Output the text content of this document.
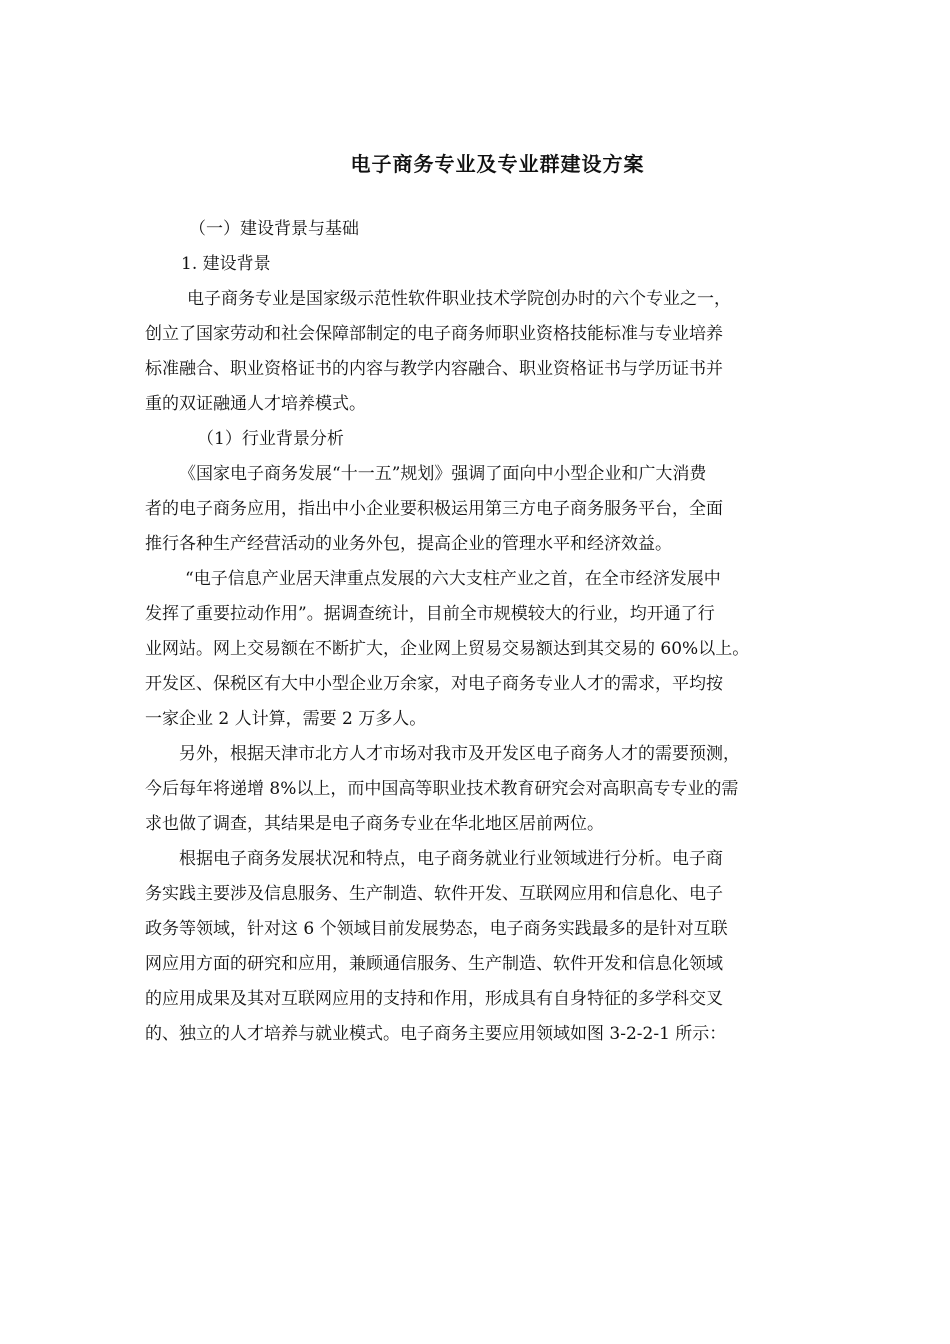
电子商务专业及专业群建设方案
（一）建设背景与基础
1. 建设背景
电子商务专业是国家级示范性软件职业技术学院创办时的六个专业之一，
创立了国家劳动和社会保障部制定的电子商务师职业资格技能标准与专业培养
标准融合、职业资格证书的内容与教学内容融合、职业资格证书与学历证书并
重的双证融通人才培养模式。
（1）行业背景分析
《国家电子商务发展“十一五”规划》强调了面向中小型企业和广大消费
者的电子商务应用，指出中小企业要积极运用第三方电子商务服务平台，全面
推行各种生产经营活动的业务外包，提高企业的管理水平和经济效益。
“电子信息产业居天津重点发展的六大支柱产业之首，在全市经济发展中
发挥了重要拉动作用”。据调查统计，目前全市规模较大的行业，均开通了行
业网站。网上交易额在不断扩大，企业网上贸易交易额达到其交易的 60%以上。
开发区、保税区有大中小型企业万余家，对电子商务专业人才的需求，平均按
一家企业 2 人计算，需要 2 万多人。
另外，根据天津市北方人才市场对我市及开发区电子商务人才的需要预测，
今后每年将递增 8%以上，而中国高等职业技术教育研究会对高职高专专业的需
求也做了调查，其结果是电子商务专业在华北地区居前两位。
根据电子商务发展状况和特点，电子商务就业行业领域进行分析。电子商
务实践主要涉及信息服务、生产制造、软件开发、互联网应用和信息化、电子
政务等领域，针对这 6 个领域目前发展势态，电子商务实践最多的是针对互联
网应用方面的研究和应用，兼顾通信服务、生产制造、软件开发和信息化领域
的应用成果及其对互联网应用的支持和作用，形成具有自身特征的多学科交叉
的、独立的人才培养与就业模式。电子商务主要应用领域如图 3-2-2-1 所示：
